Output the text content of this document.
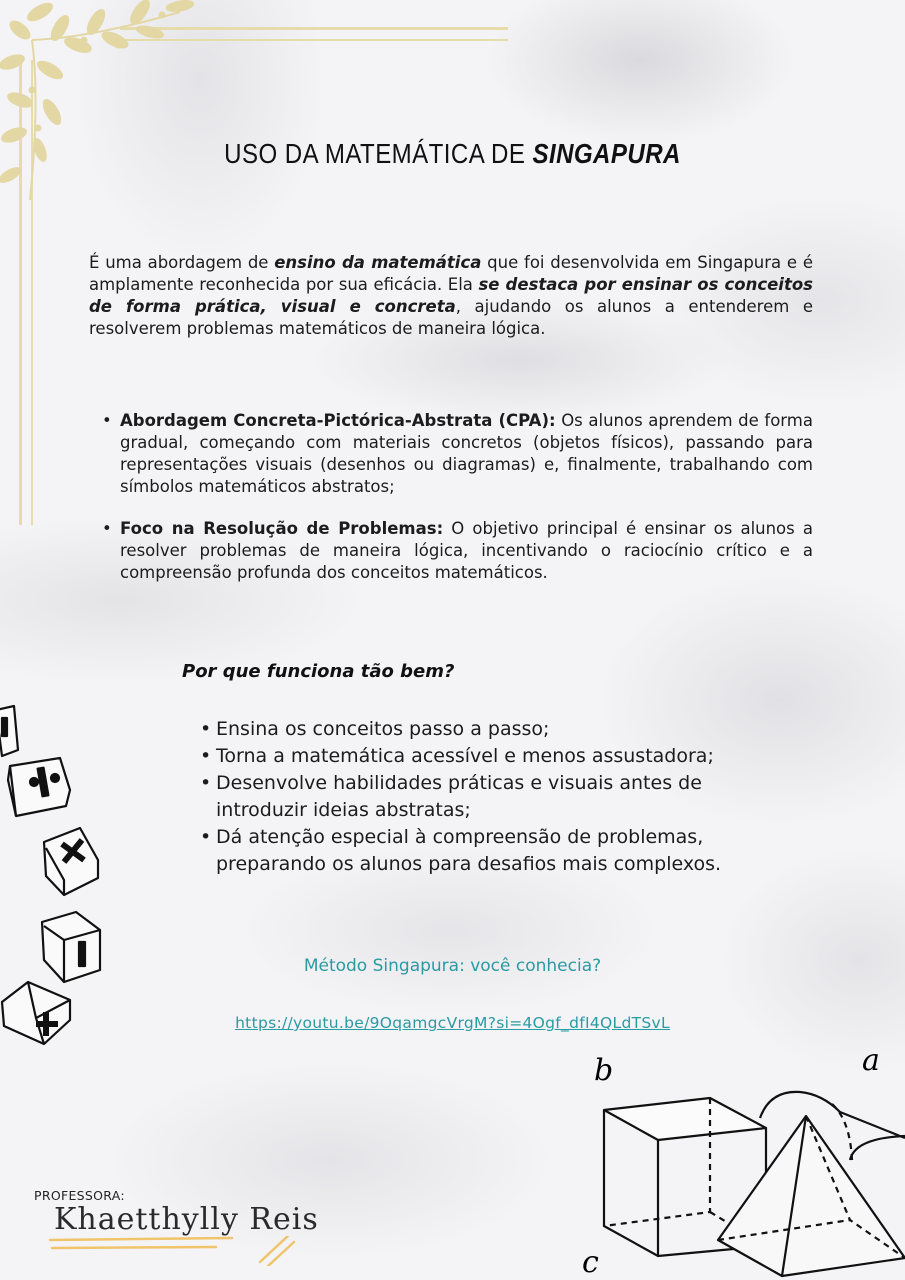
USO DA MATEMÁTICA DE SINGAPURA

É uma abordagem de ensino da matemática que foi desenvolvida em Singapura e é amplamente reconhecida por sua eficácia. Ela se destaca por ensinar os conceitos de forma prática, visual e concreta, ajudando os alunos a entenderem e resolverem problemas matemáticos de maneira lógica.

• Abordagem Concreta-Pictórica-Abstrata (CPA): Os alunos aprendem de forma gradual, começando com materiais concretos (objetos físicos), passando para representações visuais (desenhos ou diagramas) e, finalmente, trabalhando com símbolos matemáticos abstratos;
• Foco na Resolução de Problemas: O objetivo principal é ensinar os alunos a resolver problemas de maneira lógica, incentivando o raciocínio crítico e a compreensão profunda dos conceitos matemáticos.
Por que funciona tão bem?
• Ensina os conceitos passo a passo;
• Torna a matemática acessível e menos assustadora;
• Desenvolve habilidades práticas e visuais antes de introduzir ideias abstratas;
• Dá atenção especial à compreensão de problemas, preparando os alunos para desafios mais complexos.
Método Singapura: você conhecia?
https://youtu.be/9OqamgcVrgM?si=4Ogf_dfI4QLdTSvL
b	a
c
PROFESSORA:
Khaetthylly Reis
